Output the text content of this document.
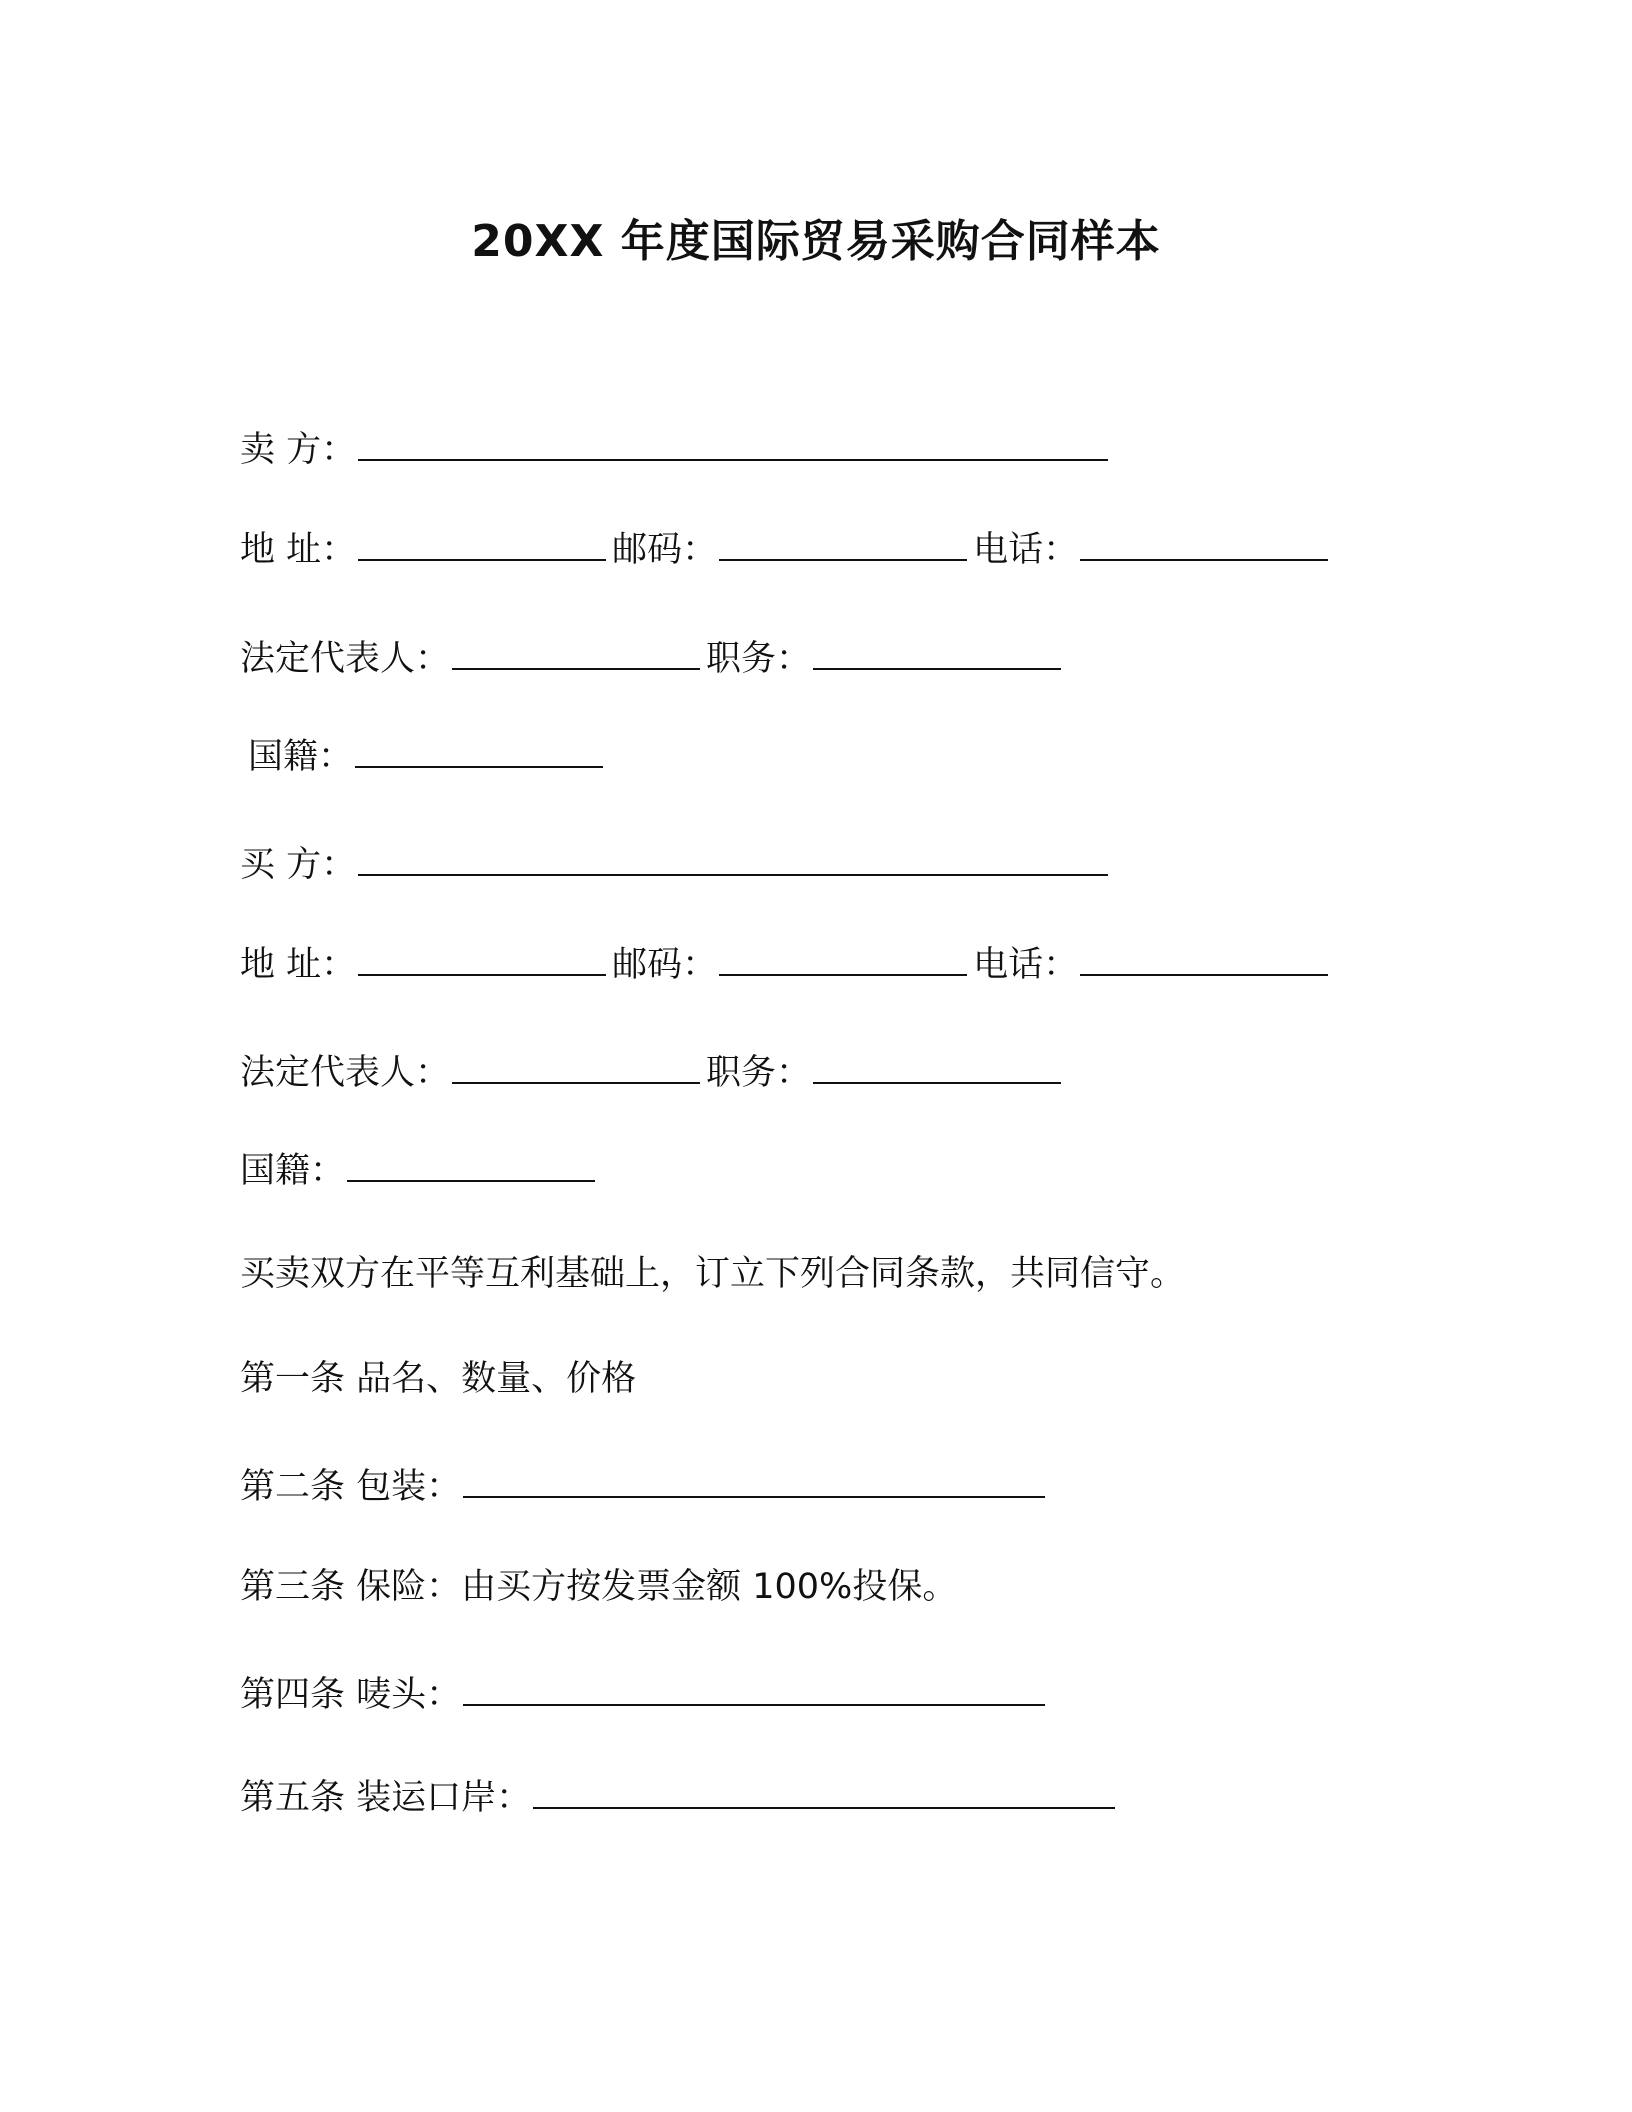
20XX 年度国际贸易采购合同样本
卖 方：
地 址：	邮码：	电话：
法定代表人：	职务：
国籍：
买 方：
地 址：	邮码：	电话：
法定代表人：	职务：
国籍：
买卖双方在平等互利基础上，订立下列合同条款，共同信守。
第一条 品名、数量、价格
第二条 包装：
第三条 保险：由买方按发票金额 100%投保。
第四条 唛头：
第五条 装运口岸：
